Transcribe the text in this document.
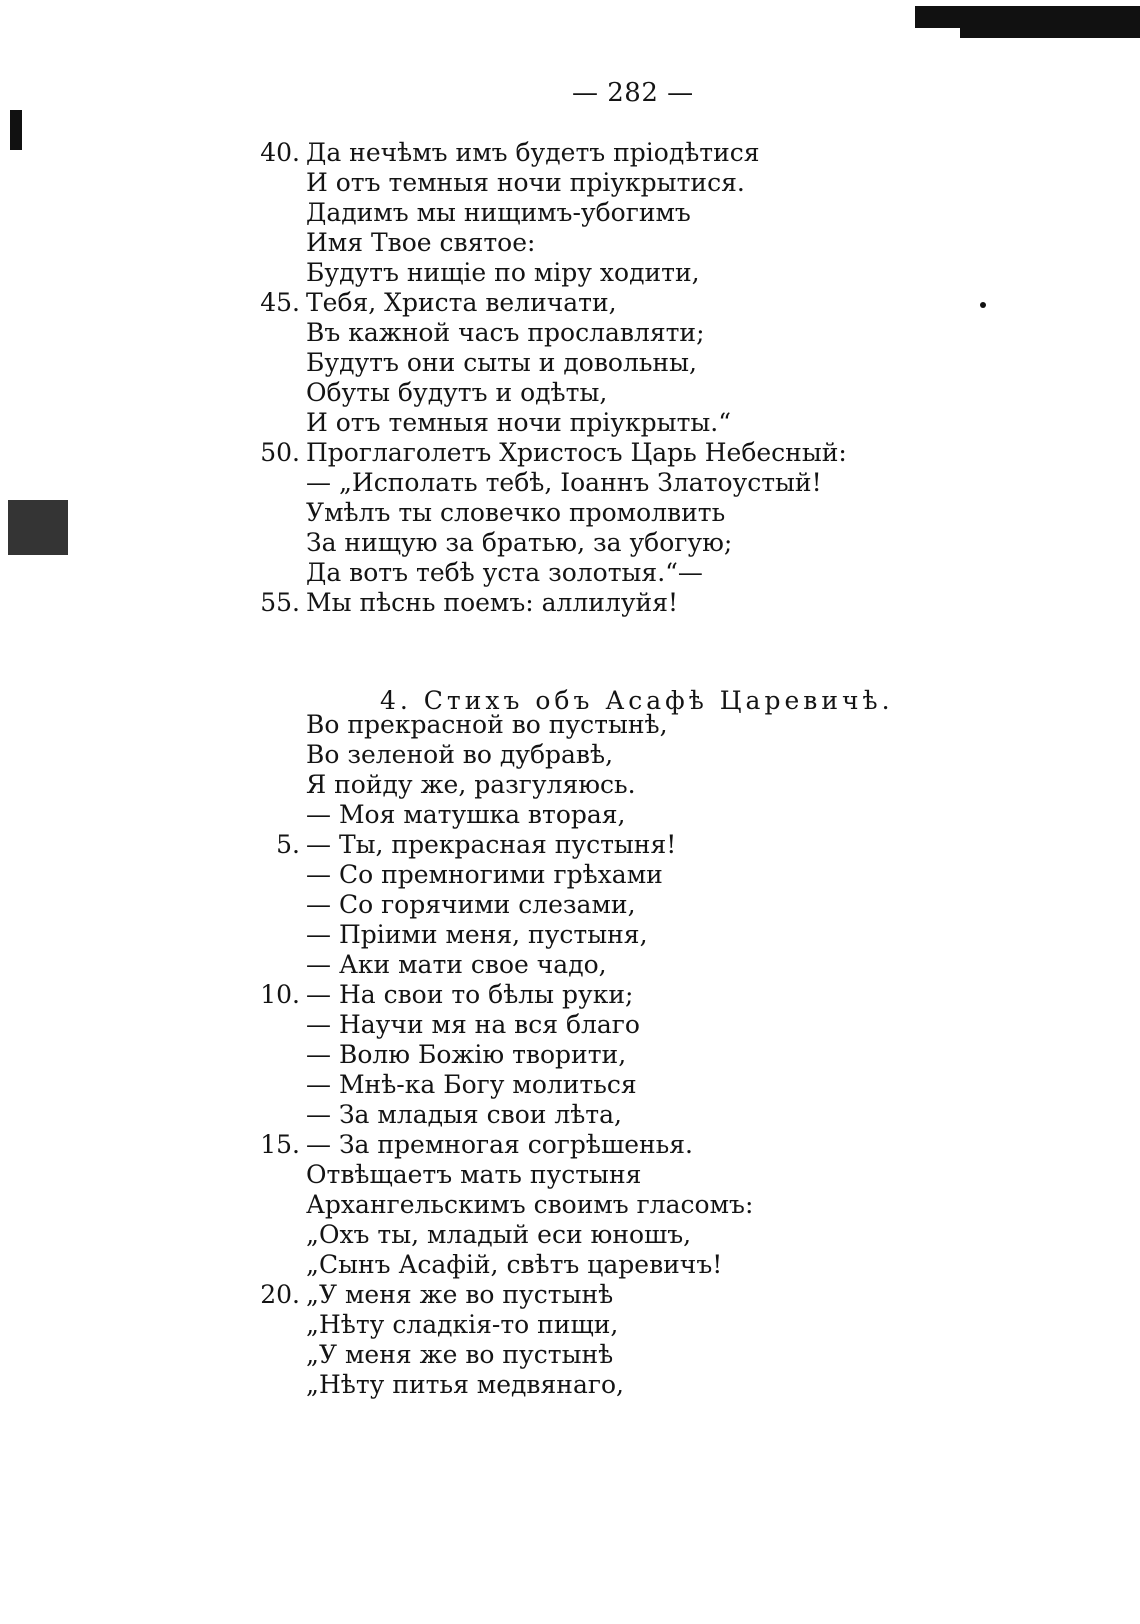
— 282 —
40. Да нечѣмъ имъ будетъ пріодѣтися
И отъ темныя ночи пріукрытися.
Дадимъ мы нищимъ-убогимъ
Имя Твое святое:
Будутъ нищіе по міру ходити,
45. Тебя, Христа величати,
Въ кажной часъ прославляти;
Будутъ они сыты и довольны,
Обуты будутъ и одѣты,
И отъ темныя ночи пріукрыты.“
50. Проглаголетъ Христосъ Царь Небесный:
— „Исполать тебѣ, Іоаннъ Златоустый!
Умѣлъ ты словечко промолвить
За нищую за братью, за убогую;
Да вотъ тебѣ уста золотыя.“—
55. Мы пѣснь поемъ: аллилуйя!
4. Стихъ объ Асафѣ Царевичѣ.
Во прекрасной во пустынѣ,
Во зеленой во дубравѣ,
Я пойду же, разгуляюсь.
— Моя матушка вторая,
5. — Ты, прекрасная пустыня!
— Со премногими грѣхами
— Со горячими слезами,
— Пріими меня, пустыня,
— Аки мати свое чадо,
10. — На свои то бѣлы руки;
— Научи мя на вся благо
— Волю Божію творити,
— Мнѣ-ка Богу молиться
— За младыя свои лѣта,
15. — За премногая согрѣшенья.
Отвѣщаетъ мать пустыня
Архангельскимъ своимъ гласомъ:
„Охъ ты, младый еси юношъ,
„Сынъ Асафій, свѣтъ царевичъ!
20. „У меня же во пустынѣ
„Нѣту сладкія-то пищи,
„У меня же во пустынѣ
„Нѣту питья медвянаго,
